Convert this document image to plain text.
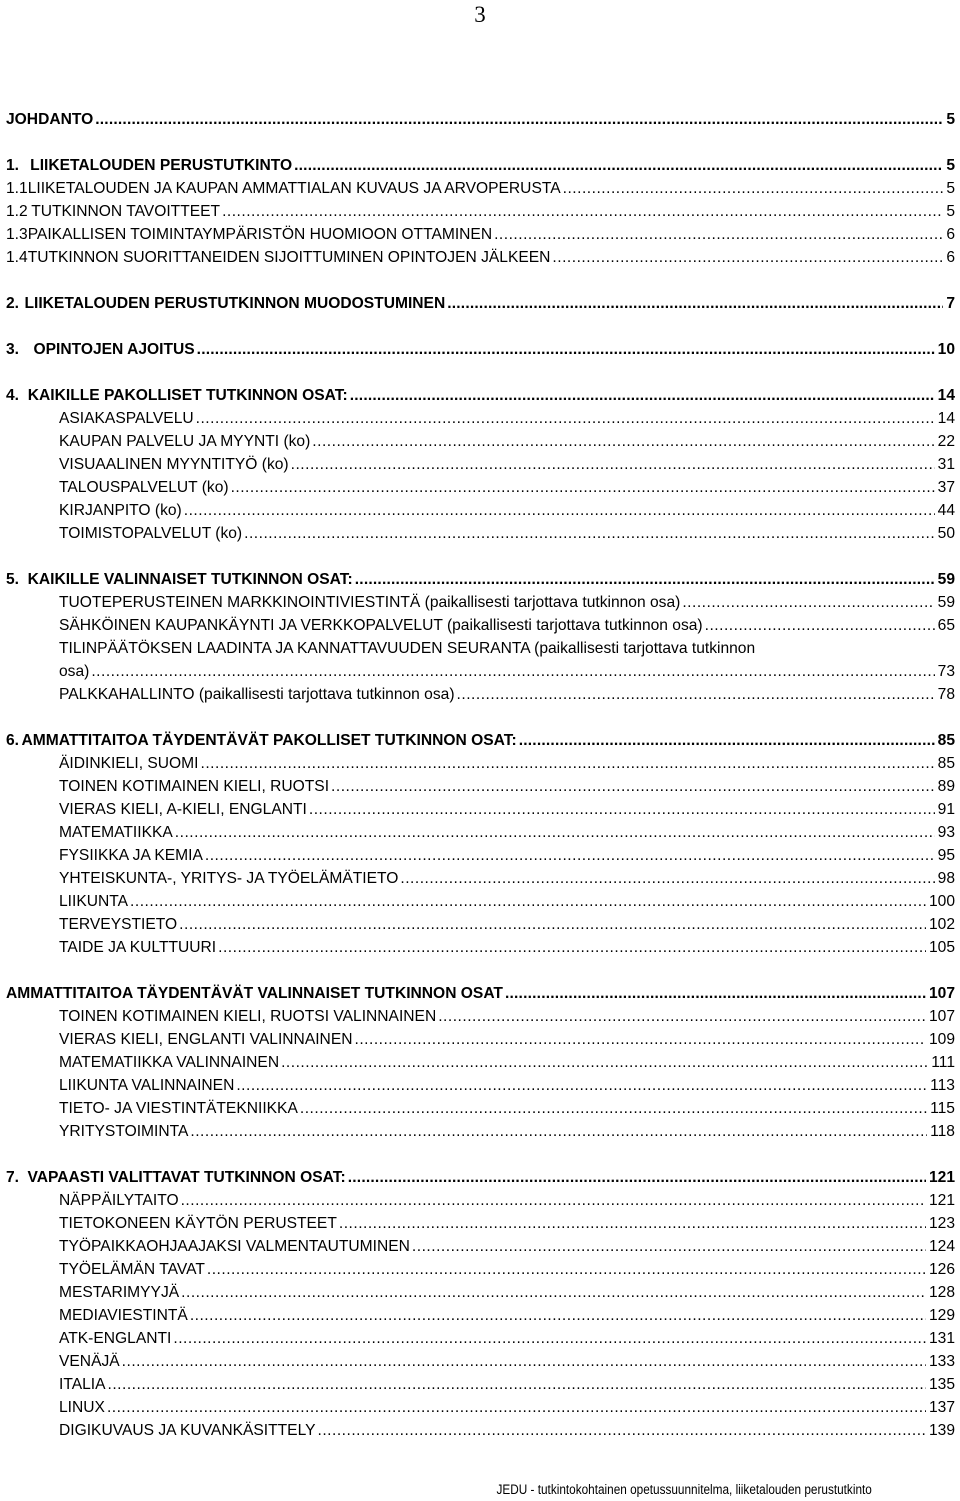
3
JOHDANTO .....	5
1. LIIKETALOUDEN PERUSTUTKINTO .....	5
1.1 LIIKETALOUDEN JA KAUPAN AMMATTIALAN KUVAUS JA ARVOPERUSTA .....	5
1.2 TUTKINNON TAVOITTEET .....	5
1.3 PAIKALLISEN TOIMINTAYMPÄRISTÖN HUOMIOON OTTAMINEN .....	6
1.4 TUTKINNON SUORITTANEIDEN SIJOITTUMINEN OPINTOJEN JÄLKEEN .....	6
2. LIIKETALOUDEN PERUSTUTKINNON MUODOSTUMINEN .....	7
3. OPINTOJEN AJOITUS .....	10
4. KAIKILLE PAKOLLISET TUTKINNON OSAT: .....	14
ASIAKASPALVELU .....	14
KAUPAN PALVELU JA MYYNTI (ko) .....	22
VISUAALINEN MYYNTITYÖ (ko) .....	31
TALOUSPALVELUT (ko) .....	37
KIRJANPITO (ko) .....	44
TOIMISTOPALVELUT (ko) .....	50
5. KAIKILLE VALINNAISET TUTKINNON OSAT: .....	59
TUOTEPERUSTEINEN MARKKINOINTIVIESTINTÄ (paikallisesti tarjottava tutkinnon osa) .....	59
SÄHKÖINEN KAUPANKÄYNTI JA VERKKOPALVELUT (paikallisesti tarjottava tutkinnon osa) .....	65
TILINPÄÄTÖKSEN LAADINTA JA KANNATTAVUUDEN SEURANTA (paikallisesti tarjottava tutkinnon
osa) .....	73
PALKKAHALLINTO (paikallisesti tarjottava tutkinnon osa) .....	78
6. AMMATTITAITOA TÄYDENTÄVÄT PAKOLLISET TUTKINNON OSAT: .....	85
ÄIDINKIELI, SUOMI .....	85
TOINEN KOTIMAINEN KIELI, RUOTSI .....	89
VIERAS KIELI, A-KIELI, ENGLANTI .....	91
MATEMATIIKKA .....	93
FYSIIKKA JA KEMIA .....	95
YHTEISKUNTA-, YRITYS- JA TYÖELÄMÄTIETO .....	98
LIIKUNTA .....	100
TERVEYSTIETO .....	102
TAIDE JA KULTTUURI .....	105
AMMATTITAITOA TÄYDENTÄVÄT VALINNAISET TUTKINNON OSAT .....	107
TOINEN KOTIMAINEN KIELI, RUOTSI VALINNAINEN .....	107
VIERAS KIELI, ENGLANTI VALINNAINEN .....	109
MATEMATIIKKA VALINNAINEN .....	111
LIIKUNTA VALINNAINEN .....	113
TIETO- JA VIESTINTÄTEKNIIKKA .....	115
YRITYSTOIMINTA .....	118
7. VAPAASTI VALITTAVAT TUTKINNON OSAT: .....	121
NÄPPÄILYTAITO .....	121
TIETOKONEEN KÄYTÖN PERUSTEET .....	123
TYÖPAIKKAOHJAAJAKSI VALMENTAUTUMINEN .....	124
TYÖELÄMÄN TAVAT .....	126
MESTARIMYYJÄ .....	128
MEDIAVIESTINTÄ .....	129
ATK-ENGLANTI .....	131
VENÄJÄ .....	133
ITALIA .....	135
LINUX .....	137
DIGIKUVAUS JA KUVANKÄSITTELY .....	139
JEDU - tutkintokohtainen opetussuunnitelma, liiketalouden perustutkinto
